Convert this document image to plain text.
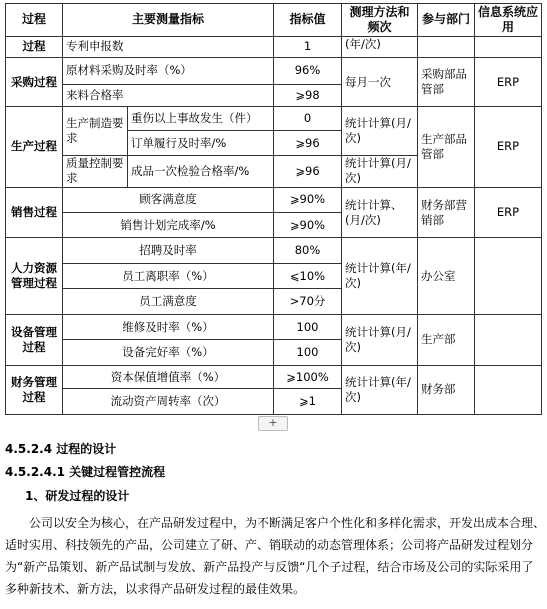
过程	主要测量指标		指标值	测理方法和频次	参与部门	信息系统应用
过程	专利申报数		1	(年/次)		
采购过程	原材料采购及时率（%）		96%	每月一次	采购部品管部	ERP
	来料合格率		⩾98			
生产过程	生产制造要求	重伤以上事故发生（件）	0	统计计算(月/次)	生产部品管部	ERP
		订单履行及时率/%	⩾96			
	质量控制要求	成品一次检验合格率/%	⩾96	统计计算(月/次)		
销售过程	顾客满意度		⩾90%	统计计算、(月/次)	财务部营销部	ERP
	销售计划完成率/%		⩾90%			
人力资源管理过程	招聘及时率		80%	统计计算(年/次)	办公室	
	员工离职率（%）		⩽10%			
	员工满意度		>70分			
设备管理过程	维修及时率（%）		100	统计计算(月/次)	生产部	
	设备完好率（%）		100			
财务管理过程	资本保值增值率（%）		⩾100%	统计计算(年/次)	财务部	
	流动资产周转率（次）		⩾1			
+
4.5.2.4 过程的设计
4.5.2.4.1 关键过程管控流程
1、研发过程的设计
公司以安全为核心，在产品研发过程中，为不断满足客户个性化和多样化需求，开发出成本合理、适时实用、科技领先的产品，公司建立了研、产、销联动的动态管理体系；公司将产品研发过程划分为“新产品策划、新产品试制与发放、新产品投产与反馈“几个子过程，结合市场及公司的实际采用了多种新技术、新方法，以求得产品研发过程的最佳效果。
